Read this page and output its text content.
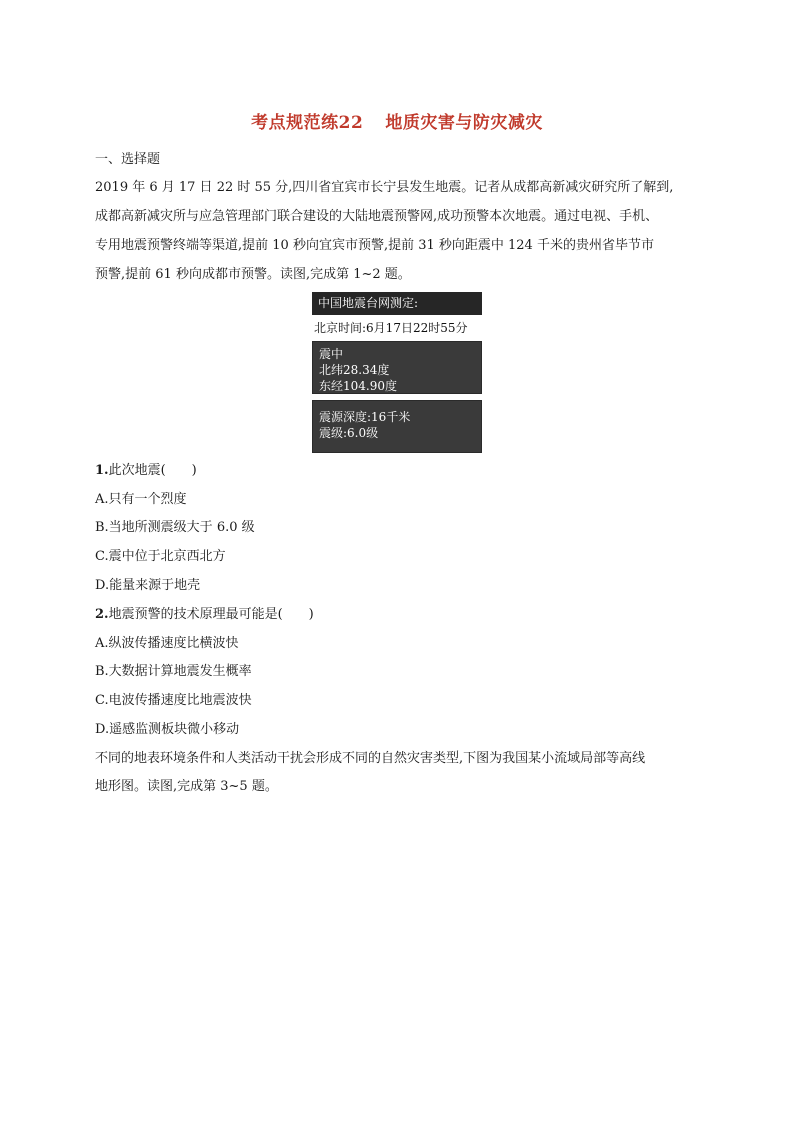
考点规范练22 地质灾害与防灾减灾
一、选择题
2019 年 6 月 17 日 22 时 55 分,四川省宜宾市长宁县发生地震。记者从成都高新减灾研究所了解到,
成都高新减灾所与应急管理部门联合建设的大陆地震预警网,成功预警本次地震。通过电视、手机、
专用地震预警终端等渠道,提前 10 秒向宜宾市预警,提前 31 秒向距震中 124 千米的贵州省毕节市
预警,提前 61 秒向成都市预警。读图,完成第 1~2 题。
中国地震台网测定:
北京时间:6月17日22时55分
震中
北纬28.34度
东经104.90度
震源深度:16千米
震级:6.0级
1.此次地震(　　)
A.只有一个烈度
B.当地所测震级大于 6.0 级
C.震中位于北京西北方
D.能量来源于地壳
2.地震预警的技术原理最可能是(　　)
A.纵波传播速度比横波快
B.大数据计算地震发生概率
C.电波传播速度比地震波快
D.遥感监测板块微小移动
不同的地表环境条件和人类活动干扰会形成不同的自然灾害类型,下图为我国某小流域局部等高线
地形图。读图,完成第 3~5 题。
